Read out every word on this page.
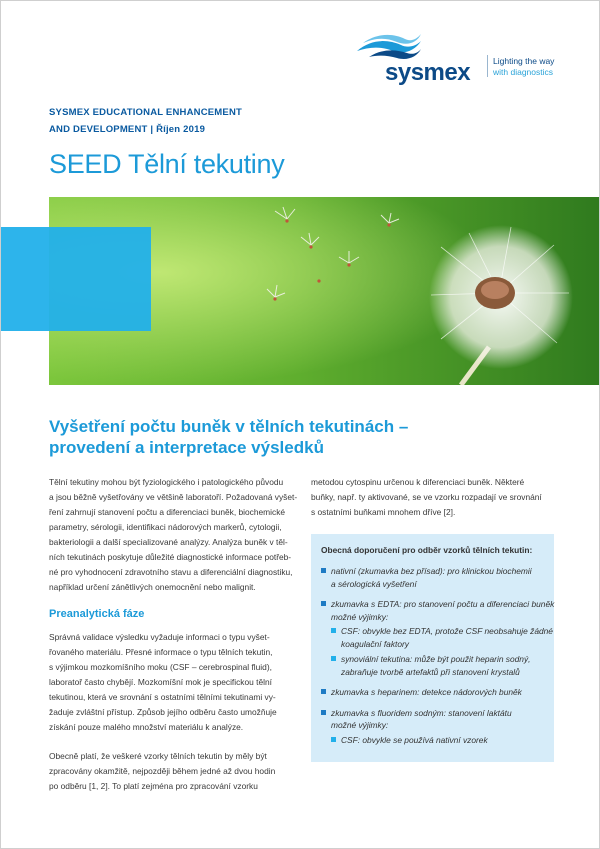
sysmex	Lighting the way
with diagnostics
SYSMEX EDUCATIONAL ENHANCEMENT
AND DEVELOPMENT | Říjen 2019
SEED Tělní tekutiny
Vyšetření počtu buněk v tělních tekutinách –
provedení a interpretace výsledků

Tělní tekutiny mohou být fyziologického i patologického původu
a jsou běžně vyšetřovány ve většině laboratoří. Požadovaná vyšet-
ření zahrnují stanovení počtu a diferenciaci buněk, biochemické
parametry, sérologii, identifikaci nádorových markerů, cytologii,
bakteriologii a další specializované analýzy. Analýza buněk v těl-
ních tekutinách poskytuje důležité diagnostické informace potřeb-
né pro vyhodnocení zdravotního stavu a diferenciální diagnostiku,
například určení zánětlivých onemocnění nebo malignit.

Preanalytická fáze

Správná validace výsledku vyžaduje informaci o typu vyšet-
řovaného materiálu. Přesné informace o typu tělních tekutin,
s výjimkou mozkomíšního moku (CSF – cerebrospinal fluid),
laboratoř často chybějí. Mozkomíšní mok je specifickou tělní
tekutinou, která ve srovnání s ostatními tělními tekutinami vy-
žaduje zvláštní přístup. Způsob jejího odběru často umožňuje
získání pouze malého množství materiálu k analýze.

Obecně platí, že veškeré vzorky tělních tekutin by měly být
zpracovány okamžitě, nejpozději během jedné až dvou hodin
po odběru [1, 2]. To platí zejména pro zpracování vzorku

metodou cytospinu určenou k diferenciaci buněk. Některé
buňky, např. ty aktivované, se ve vzorku rozpadají ve srovnání
s ostatními buňkami mnohem dříve [2].

Obecná doporučení pro odběr vzorků tělních tekutin:
nativní (zkumavka bez přísad): pro klinickou biochemii
a sérologická vyšetření
zkumavka s EDTA: pro stanovení počtu a diferenciaci buněk
možné výjimky:
CSF: obvykle bez EDTA, protože CSF neobsahuje žádné
koagulační faktory
synoviální tekutina: může být použit heparin sodný,
zabraňuje tvorbě artefaktů při stanovení krystalů
zkumavka s heparinem: detekce nádorových buněk
zkumavka s fluoridem sodným: stanovení laktátu
možné výjimky:
CSF: obvykle se používá nativní vzorek
